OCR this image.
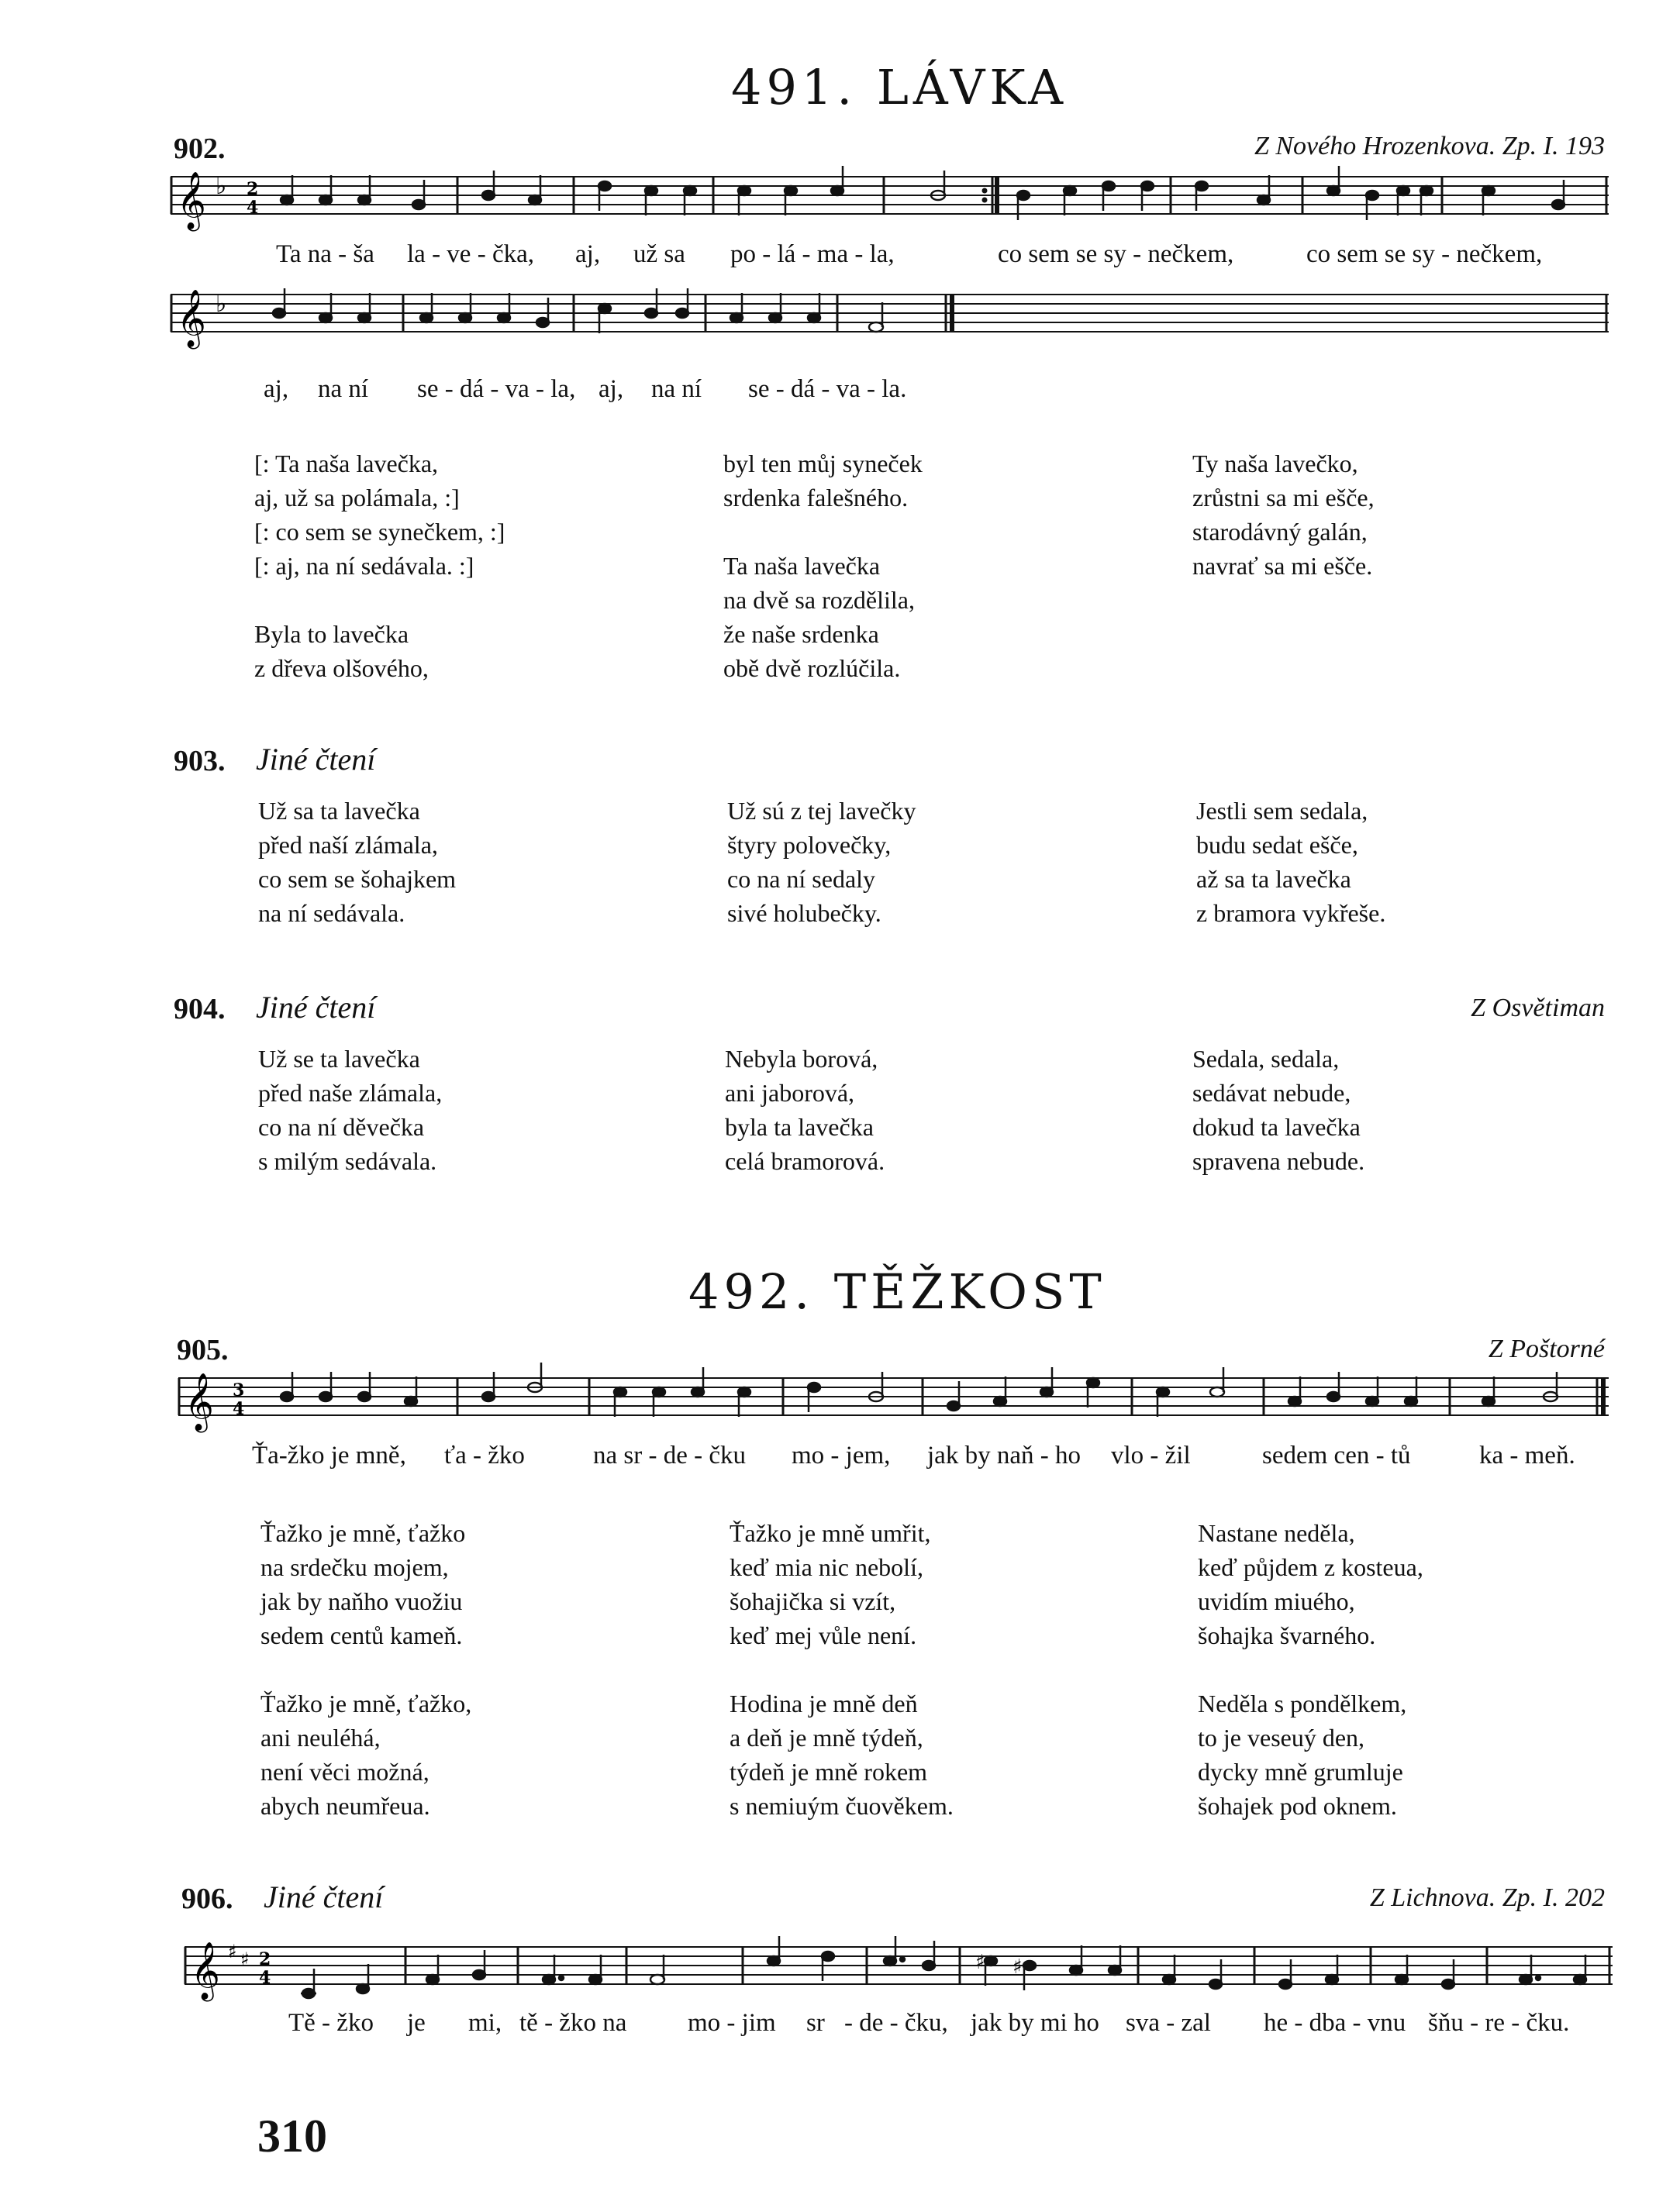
491. LÁVKA
902.	Z Nového Hrozenkova. Zp. I. 193
𝄞 ♭ 2
4
Ta na - ša la - ve - čka, aj, už sa po - lá - ma - la,	co sem se sy - nečkem,	co sem se sy - nečkem,
𝄞 ♭
aj, na ní se - dá - va - la, aj, na ní se - dá - va - la.
[: Ta naša lavečka,
aj, už sa polámala, :]
[: co sem se synečkem, :]
[: aj, na ní sedávala. :]

Byla to lavečka
z dřeva olšového,
byl ten můj syneček
srdenka falešného.

Ta naša lavečka
na dvě sa rozdělila,
že naše srdenka
obě dvě rozlúčila.
Ty naša lavečko,
zrůstni sa mi ešče,
starodávný galán,
navrať sa mi ešče.
903. Jiné čtení
Už sa ta lavečka
před naší zlámala,
co sem se šohajkem
na ní sedávala.
Už sú z tej lavečky
štyry polovečky,
co na ní sedaly
sivé holubečky.
Jestli sem sedala,
budu sedat ešče,
až sa ta lavečka
z bramora vykřeše.
904. Jiné čtení	Z Osvětiman
Už se ta lavečka
před naše zlámala,
co na ní děvečka
s milým sedávala.
Nebyla borová,
ani jaborová,
byla ta lavečka
celá bramorová.
Sedala, sedala,
sedávat nebude,
dokud ta lavečka
spravena nebude.
492. TĚŽKOST
905.	Z Poštorné
𝄞 3
4
Ťa-žko je mně, ťa - žko	na sr - de - čku mo - jem, jak by naň - ho vlo - žil	sedem cen - tů	ka - meň.
Ťažko je mně, ťažko
na srdečku mojem,
jak by naňho vuožiu
sedem centů kameň.

Ťažko je mně, ťažko,
ani neuléhá,
není věci možná,
abych neumřeua.
Ťažko je mně umřit,
keď mia nic nebolí,
šohajička si vzít,
keď mej vůle není.

Hodina je mně deň
a deň je mně týdeň,
týdeň je mně rokem
s nemiuým čuověkem.
Nastane neděla,
keď půjdem z kosteua,
uvidím miuého,
šohajka švarného.

Neděla s pondělkem,
to je veseuý den,
dycky mně grumluje
šohajek pod oknem.
906. Jiné čtení	Z Lichnova. Zp. I. 202
𝄞 ♯ ♯ 2
4
♯ ♯
Tě - žko je mi, tě - žko na mo - jim sr - de - čku, jak by mi ho sva - zal he - dba - vnu šňu - re - čku.
310
